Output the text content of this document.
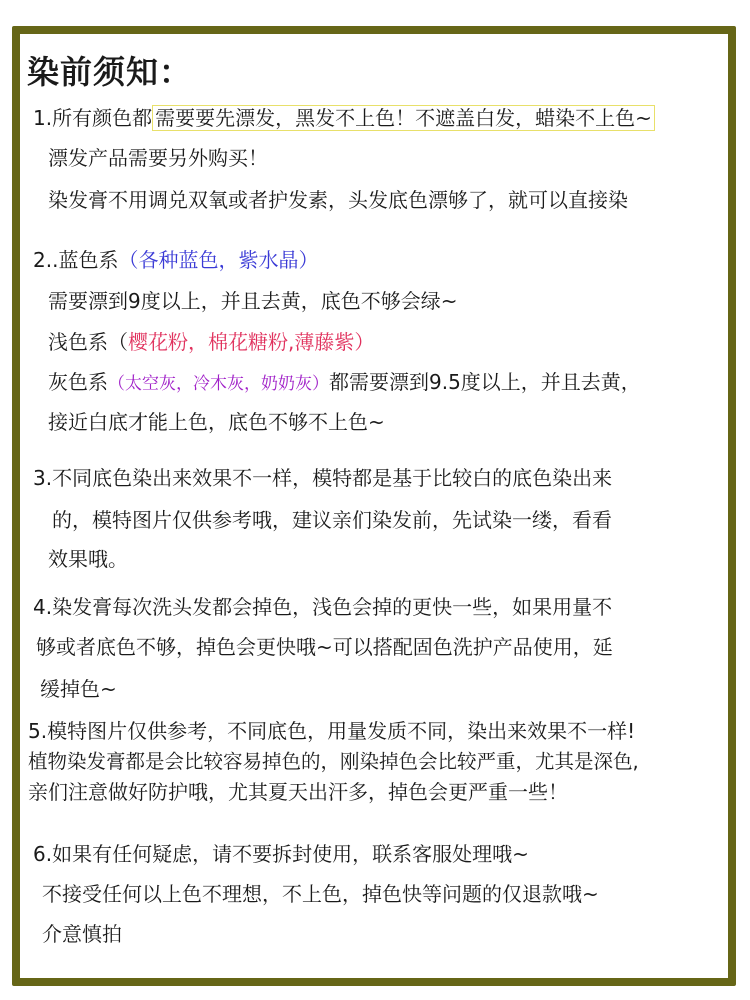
染前须知：
1.所有颜色都 需要要先漂发，黑发不上色！不遮盖白发，蜡染不上色~
漂发产品需要另外购买！
染发膏不用调兑双氧或者护发素，头发底色漂够了，就可以直接染
2..蓝色系（各种蓝色，紫水晶）
需要漂到9度以上，并且去黄，底色不够会绿~
浅色系（樱花粉，棉花糖粉,薄藤紫）
灰色系（太空灰，冷木灰，奶奶灰）都需要漂到9.5度以上，并且去黄，
接近白底才能上色，底色不够不上色~
3.不同底色染出来效果不一样，模特都是基于比较白的底色染出来
的，模特图片仅供参考哦，建议亲们染发前，先试染一缕，看看
效果哦。
4.染发膏每次洗头发都会掉色，浅色会掉的更快一些，如果用量不
够或者底色不够，掉色会更快哦~可以搭配固色洗护产品使用，延
缓掉色~
5.模特图片仅供参考，不同底色，用量发质不同，染出来效果不一样!
植物染发膏都是会比较容易掉色的，刚染掉色会比较严重，尤其是深色,
亲们注意做好防护哦，尤其夏天出汗多，掉色会更严重一些！
6.如果有任何疑虑，请不要拆封使用，联系客服处理哦~
不接受任何以上色不理想，不上色，掉色快等问题的仅退款哦~
介意慎拍
